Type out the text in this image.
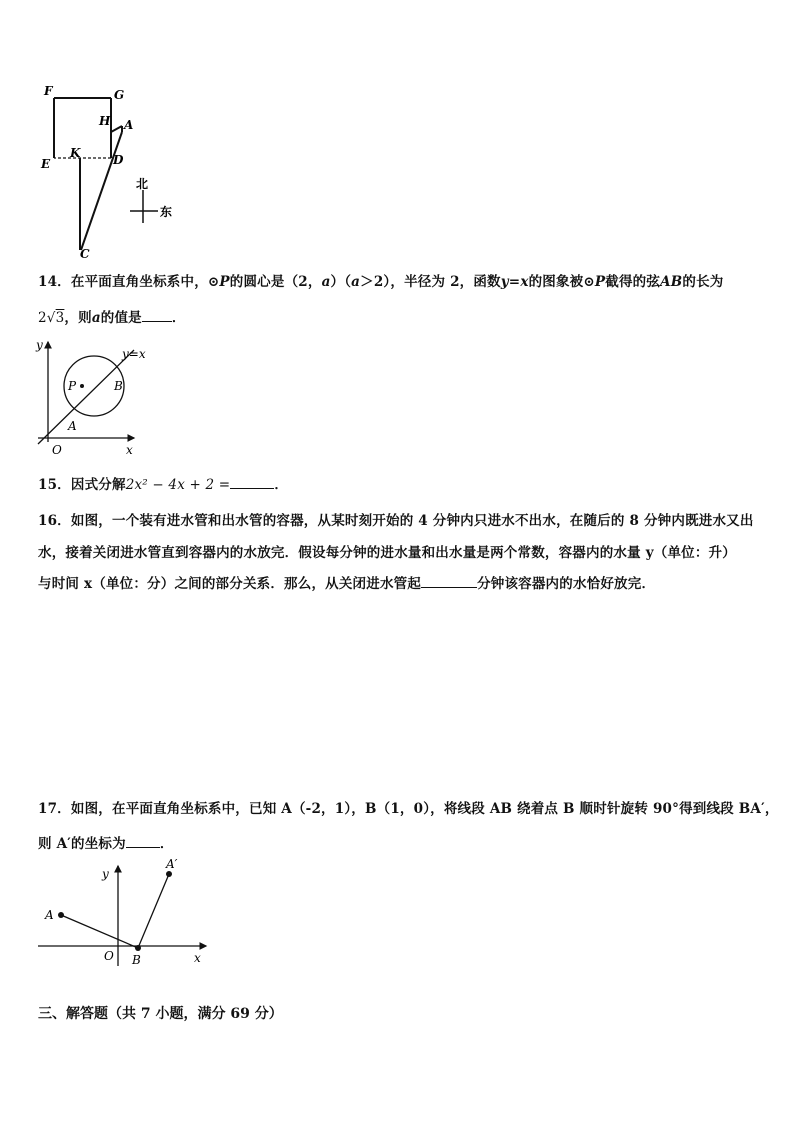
F	G
H A
E
K	D
C
北
东
14．在平面直角坐标系中，⊙P的圆心是（2，a）（a＞2），半径为 2，函数y=x的图象被⊙P截得的弦AB的长为
2√3，则a的值是 ．
y
y=x
P	B
A
O	x
15．因式分解2x² − 4x + 2 =	．
16．如图，一个装有进水管和出水管的容器，从某时刻开始的 4 分钟内只进水不出水，在随后的 8 分钟内既进水又出
水，接着关闭进水管直到容器内的水放完．假设每分钟的进水量和出水量是两个常数，容器内的水量 y（单位：升）
与时间 x（单位：分）之间的部分关系．那么，从关闭进水管起	分钟该容器内的水恰好放完．
17．如图，在平面直角坐标系中，已知 A（-2，1），B（1，0），将线段 AB 绕着点 B 顺时针旋转 90°得到线段 BA′，
则 A′的坐标为	．
y
A′
A
O B	x
三、解答题（共 7 小题，满分 69 分）
